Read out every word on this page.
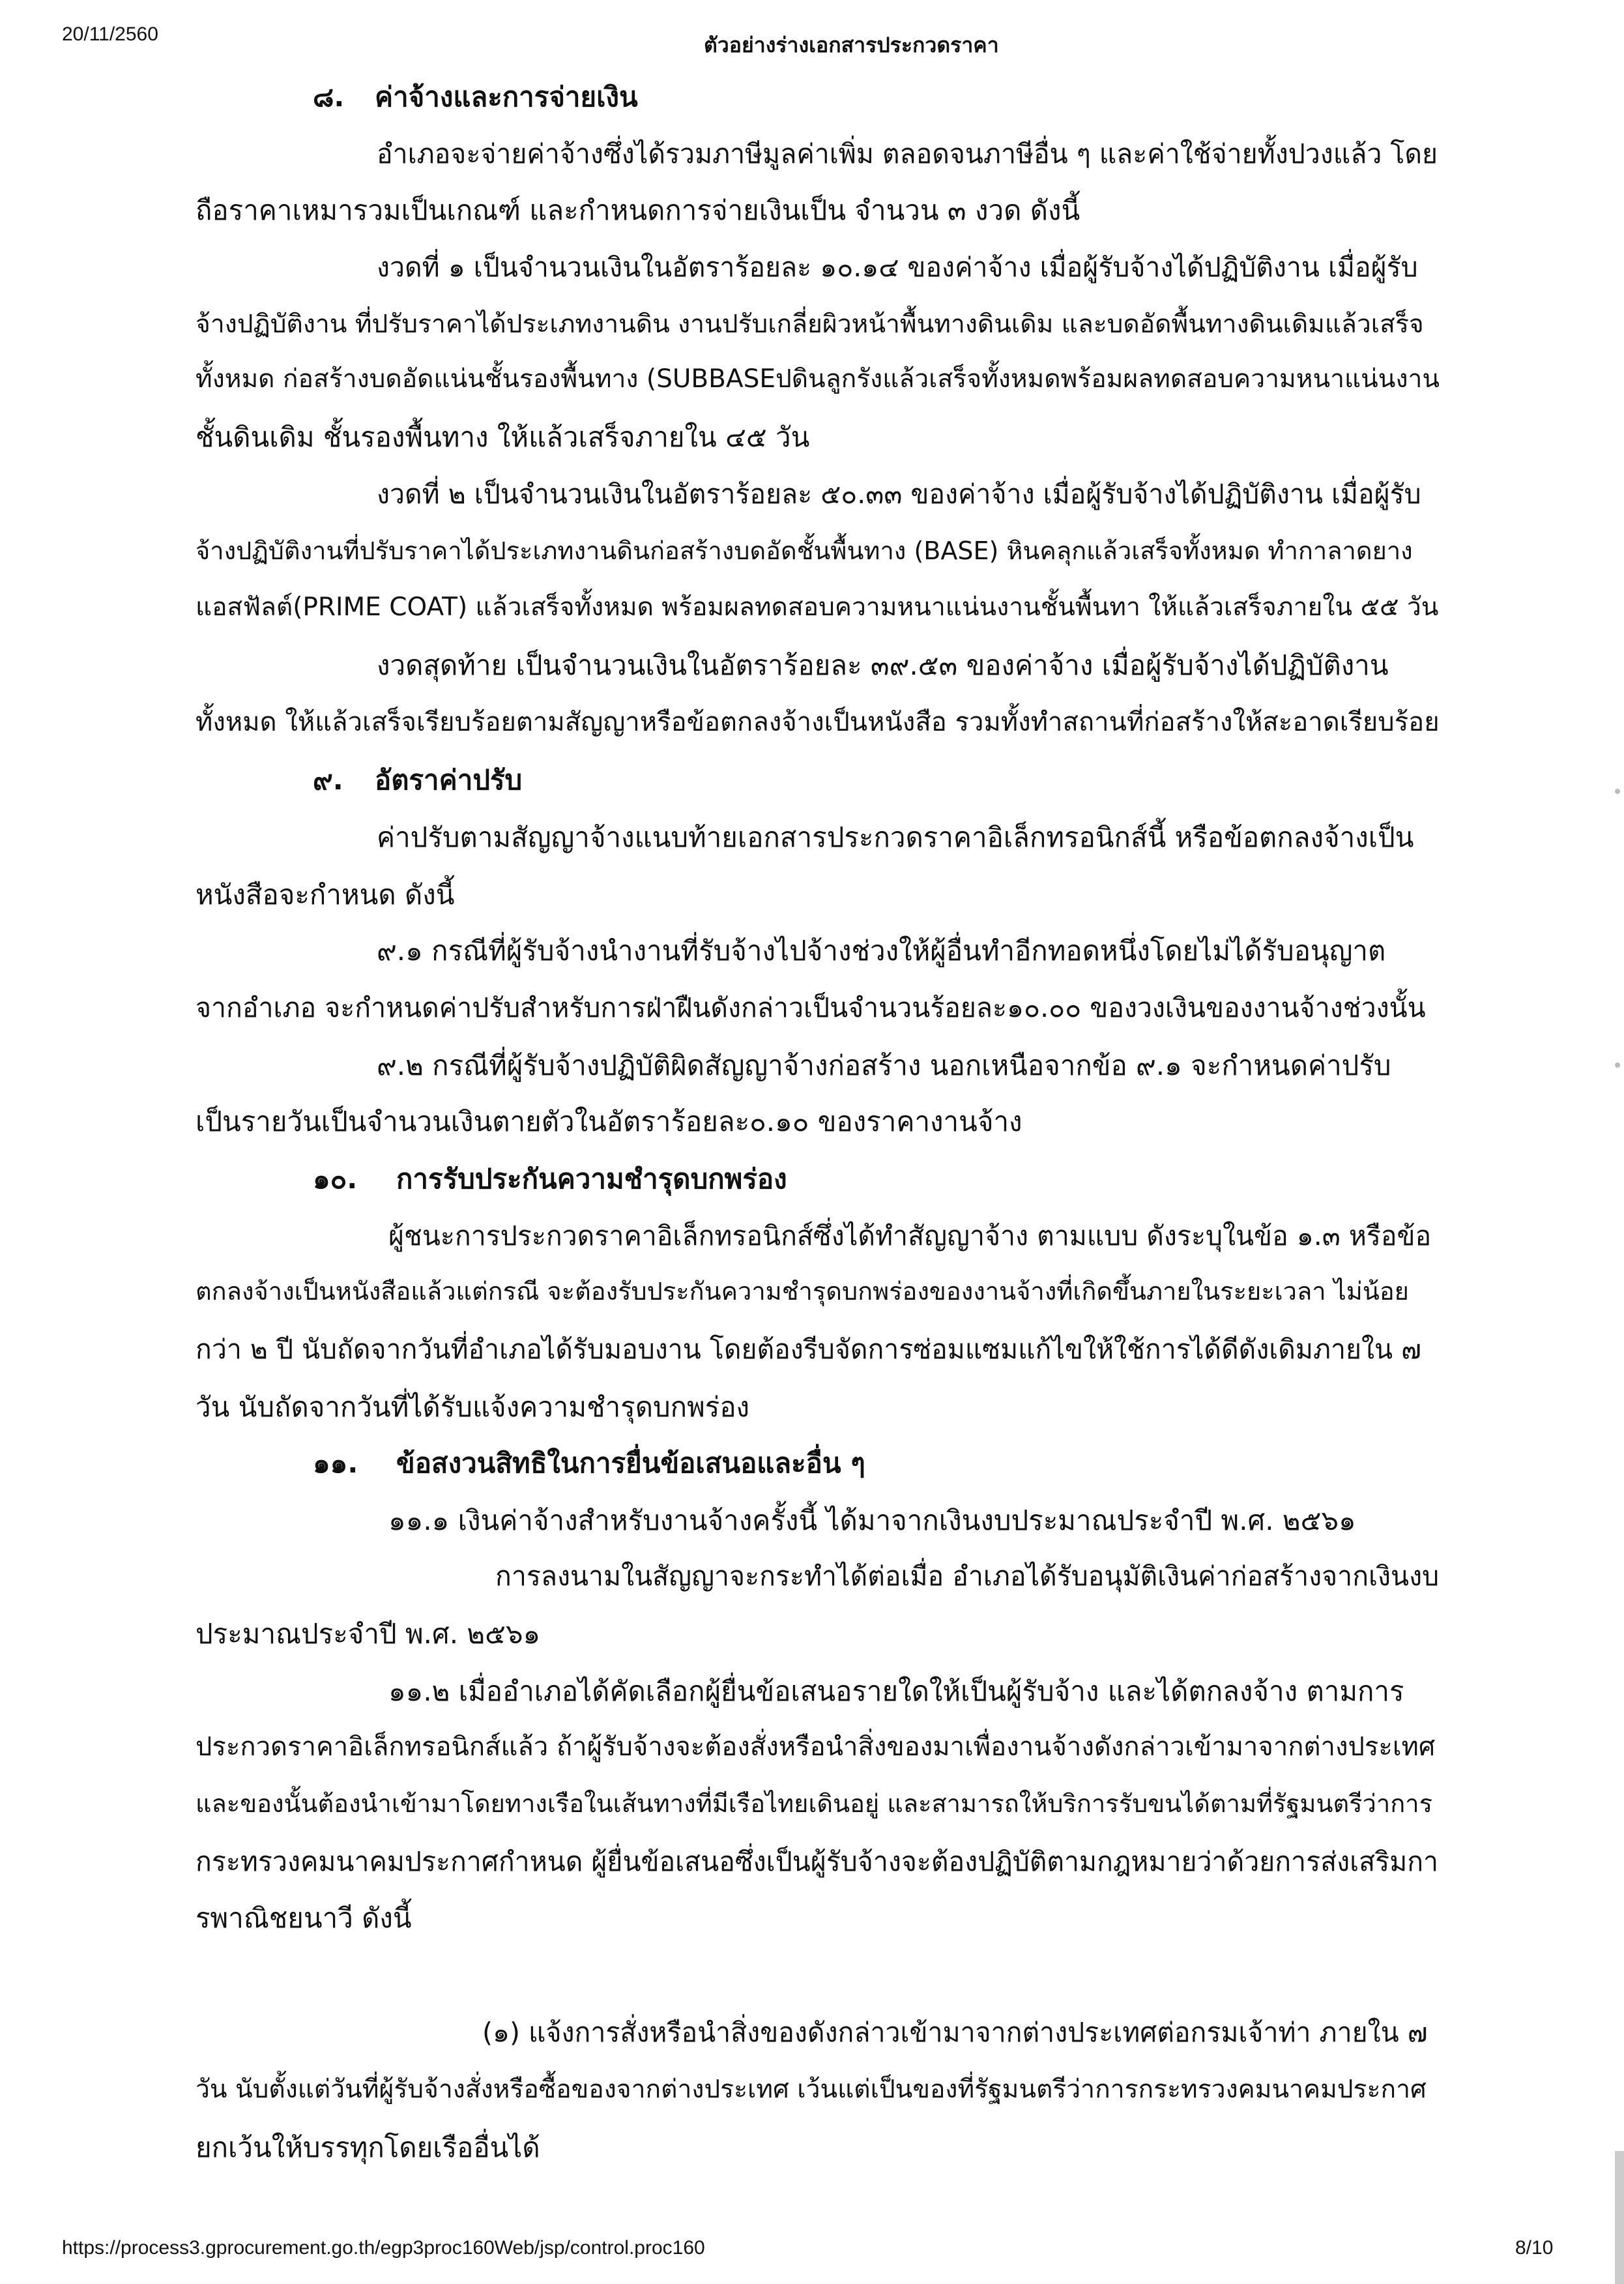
20/11/2560	ตัวอย่างร่างเอกสารประกวดราคา
๘. ค่าจ้างและการจ่ายเงิน
อำเภอจะจ่ายค่าจ้างซึ่งได้รวมภาษีมูลค่าเพิ่ม ตลอดจนภาษีอื่น ๆ และค่าใช้จ่ายทั้งปวงแล้ว โดย
ถือราคาเหมารวมเป็นเกณฑ์ และกำหนดการจ่ายเงินเป็น จำนวน ๓ งวด ดังนี้
งวดที่ ๑ เป็นจำนวนเงินในอัตราร้อยละ ๑๐.๑๔ ของค่าจ้าง เมื่อผู้รับจ้างได้ปฏิบัติงาน เมื่อผู้รับ
จ้างปฏิบัติงาน ที่ปรับราคาได้ประเภทงานดิน งานปรับเกลี่ยผิวหน้าพื้นทางดินเดิม และบดอัดพื้นทางดินเดิมแล้วเสร็จ
ทั้งหมด ก่อสร้างบดอัดแน่นชั้นรองพื้นทาง (SUBBASEปดินลูกรังแล้วเสร็จทั้งหมดพร้อมผลทดสอบความหนาแน่นงาน
ชั้นดินเดิม ชั้นรองพื้นทาง ให้แล้วเสร็จภายใน ๔๕ วัน
งวดที่ ๒ เป็นจำนวนเงินในอัตราร้อยละ ๕๐.๓๓ ของค่าจ้าง เมื่อผู้รับจ้างได้ปฏิบัติงาน เมื่อผู้รับ
จ้างปฏิบัติงานที่ปรับราคาได้ประเภทงานดินก่อสร้างบดอัดชั้นพื้นทาง (BASE) หินคลุกแล้วเสร็จทั้งหมด ทำกาลาดยาง
แอสฟัลต์(PRIME COAT) แล้วเสร็จทั้งหมด พร้อมผลทดสอบความหนาแน่นงานชั้นพื้นทา ให้แล้วเสร็จภายใน ๕๕ วัน
งวดสุดท้าย เป็นจำนวนเงินในอัตราร้อยละ ๓๙.๕๓ ของค่าจ้าง เมื่อผู้รับจ้างได้ปฏิบัติงาน
ทั้งหมด ให้แล้วเสร็จเรียบร้อยตามสัญญาหรือข้อตกลงจ้างเป็นหนังสือ รวมทั้งทำสถานที่ก่อสร้างให้สะอาดเรียบร้อย
๙. อัตราค่าปรับ
ค่าปรับตามสัญญาจ้างแนบท้ายเอกสารประกวดราคาอิเล็กทรอนิกส์นี้ หรือข้อตกลงจ้างเป็น
หนังสือจะกำหนด ดังนี้
๙.๑ กรณีที่ผู้รับจ้างนำงานที่รับจ้างไปจ้างช่วงให้ผู้อื่นทำอีกทอดหนึ่งโดยไม่ได้รับอนุญาต
จากอำเภอ จะกำหนดค่าปรับสำหรับการฝ่าฝืนดังกล่าวเป็นจำนวนร้อยละ๑๐.๐๐ ของวงเงินของงานจ้างช่วงนั้น
๙.๒ กรณีที่ผู้รับจ้างปฏิบัติผิดสัญญาจ้างก่อสร้าง นอกเหนือจากข้อ ๙.๑ จะกำหนดค่าปรับ
เป็นรายวันเป็นจำนวนเงินตายตัวในอัตราร้อยละ๐.๑๐ ของราคางานจ้าง
๑๐. การรับประกันความชำรุดบกพร่อง
ผู้ชนะการประกวดราคาอิเล็กทรอนิกส์ซึ่งได้ทำสัญญาจ้าง ตามแบบ ดังระบุในข้อ ๑.๓ หรือข้อ
ตกลงจ้างเป็นหนังสือแล้วแต่กรณี จะต้องรับประกันความชำรุดบกพร่องของงานจ้างที่เกิดขึ้นภายในระยะเวลา ไม่น้อย
กว่า ๒ ปี นับถัดจากวันที่อำเภอได้รับมอบงาน โดยต้องรีบจัดการซ่อมแซมแก้ไขให้ใช้การได้ดีดังเดิมภายใน ๗
วัน นับถัดจากวันที่ได้รับแจ้งความชำรุดบกพร่อง
๑๑. ข้อสงวนสิทธิในการยื่นข้อเสนอและอื่น ๆ
๑๑.๑ เงินค่าจ้างสำหรับงานจ้างครั้งนี้ ได้มาจากเงินงบประมาณประจำปี พ.ศ. ๒๕๖๑
การลงนามในสัญญาจะกระทำได้ต่อเมื่อ อำเภอได้รับอนุมัติเงินค่าก่อสร้างจากเงินงบ
ประมาณประจำปี พ.ศ. ๒๕๖๑
๑๑.๒ เมื่ออำเภอได้คัดเลือกผู้ยื่นข้อเสนอรายใดให้เป็นผู้รับจ้าง และได้ตกลงจ้าง ตามการ
ประกวดราคาอิเล็กทรอนิกส์แล้ว ถ้าผู้รับจ้างจะต้องสั่งหรือนำสิ่งของมาเพื่องานจ้างดังกล่าวเข้ามาจากต่างประเทศ
และของนั้นต้องนำเข้ามาโดยทางเรือในเส้นทางที่มีเรือไทยเดินอยู่ และสามารถให้บริการรับขนได้ตามที่รัฐมนตรีว่าการ
กระทรวงคมนาคมประกาศกำหนด ผู้ยื่นข้อเสนอซึ่งเป็นผู้รับจ้างจะต้องปฏิบัติตามกฎหมายว่าด้วยการส่งเสริมกา
รพาณิชยนาวี ดังนี้
(๑) แจ้งการสั่งหรือนำสิ่งของดังกล่าวเข้ามาจากต่างประเทศต่อกรมเจ้าท่า ภายใน ๗
วัน นับตั้งแต่วันที่ผู้รับจ้างสั่งหรือซื้อของจากต่างประเทศ เว้นแต่เป็นของที่รัฐมนตรีว่าการกระทรวงคมนาคมประกาศ
ยกเว้นให้บรรทุกโดยเรืออื่นได้
https://process3.gprocurement.go.th/egp3proc160Web/jsp/control.proc160	8/10
